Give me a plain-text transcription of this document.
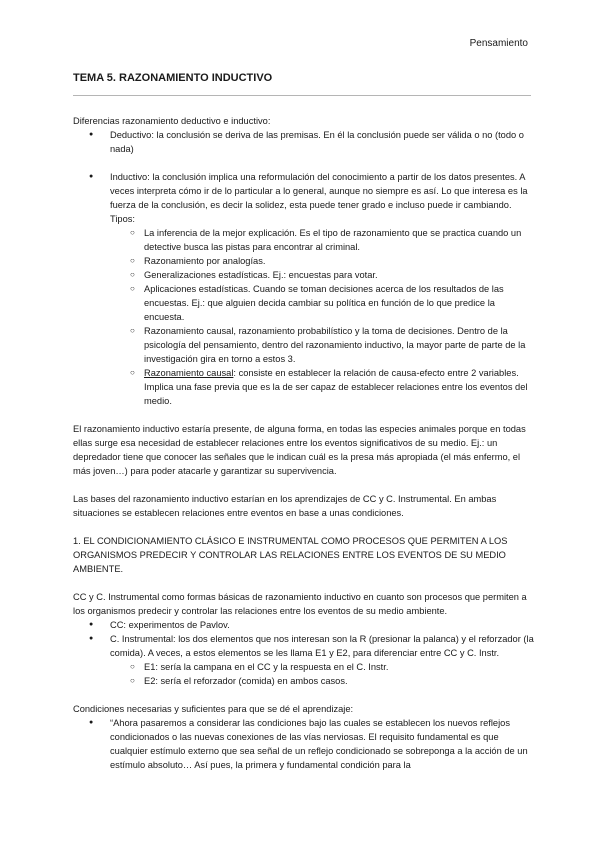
Pensamiento
TEMA 5. RAZONAMIENTO INDUCTIVO

Diferencias razonamiento deductivo e inductivo:

● Deductivo: la conclusión se deriva de las premisas. En él la conclusión puede ser válida o no (todo o nada)
● Inductivo: la conclusión implica una reformulación del conocimiento a partir de los datos presentes. A veces interpreta cómo ir de lo particular a lo general, aunque no siempre es así. Lo que interesa es la fuerza de la conclusión, es decir la solidez, esta puede tener grado e incluso puede ir cambiando. Tipos:
○ La inferencia de la mejor explicación. Es el tipo de razonamiento que se practica cuando un detective busca las pistas para encontrar al criminal.
○ Razonamiento por analogías.
○ Generalizaciones estadísticas. Ej.: encuestas para votar.
○ Aplicaciones estadísticas. Cuando se toman decisiones acerca de los resultados de las encuestas. Ej.: que alguien decida cambiar su política en función de lo que predice la encuesta.
○ Razonamiento causal, razonamiento probabilístico y la toma de decisiones. Dentro de la psicología del pensamiento, dentro del razonamiento inductivo, la mayor parte de parte de la investigación gira en torno a estos 3.
○ Razonamiento causal: consiste en establecer la relación de causa-efecto entre 2 variables. Implica una fase previa que es la de ser capaz de establecer relaciones entre los eventos del medio.

El razonamiento inductivo estaría presente, de alguna forma, en todas las especies animales porque en todas ellas surge esa necesidad de establecer relaciones entre los eventos significativos de su medio. Ej.: un depredador tiene que conocer las señales que le indican cuál es la presa más apropiada (el más enfermo, el más joven…) para poder atacarle y garantizar su supervivencia.

Las bases del razonamiento inductivo estarían en los aprendizajes de CC y C. Instrumental. En ambas situaciones se establecen relaciones entre eventos en base a unas condiciones.

1. EL CONDICIONAMIENTO CLÁSICO E INSTRUMENTAL COMO PROCESOS QUE PERMITEN A LOS ORGANISMOS PREDECIR Y CONTROLAR LAS RELACIONES ENTRE LOS EVENTOS DE SU MEDIO AMBIENTE.

CC y C. Instrumental como formas básicas de razonamiento inductivo en cuanto son procesos que permiten a los organismos predecir y controlar las relaciones entre los eventos de su medio ambiente.

● CC: experimentos de Pavlov.
● C. Instrumental: los dos elementos que nos interesan son la R (presionar la palanca) y el reforzador (la comida). A veces, a estos elementos se les llama E1 y E2, para diferenciar entre CC y C. Instr.
○ E1: sería la campana en el CC y la respuesta en el C. Instr.
○ E2: sería el reforzador (comida) en ambos casos.

Condiciones necesarias y suficientes para que se dé el aprendizaje:

● “Ahora pasaremos a considerar las condiciones bajo las cuales se establecen los nuevos reflejos condicionados o las nuevas conexiones de las vías nerviosas. El requisito fundamental es que cualquier estímulo externo que sea señal de un reflejo condicionado se sobreponga a la acción de un estímulo absoluto… Así pues, la primera y fundamental condición para la
